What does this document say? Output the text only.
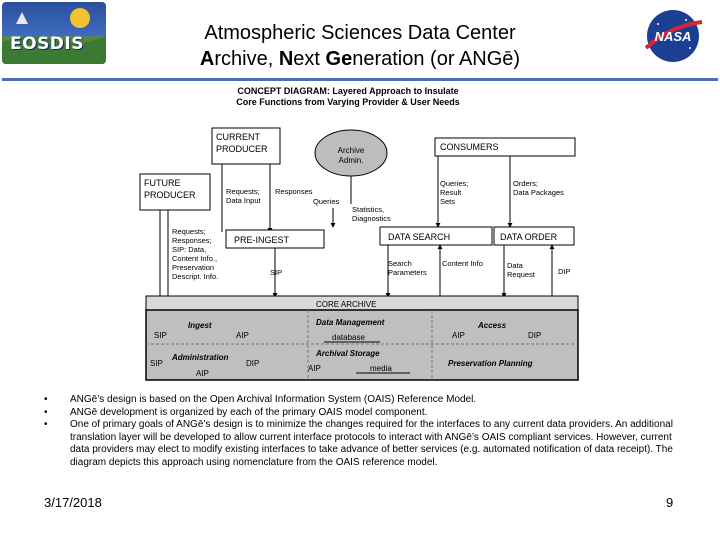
EOSDIS	Atmospheric Sciences Data Center
Archive, Next Generation (or ANGē)
NASA
CONCEPT DIAGRAM: Layered Approach to Insulate
Core Functions from Varying Provider & User Needs
CURRENT
PRODUCER
FUTURE
PRODUCER
Archive
Admin.
CONSUMERS
Requests;
Data Input
Responses
Queries
Statistics,
Diagnostics
Queries;
Result
Sets
Orders;
Data Packages
Requests;
Responses;
SIP: Data,
Content Info.,
Preservation
Descript. Info.
PRE-INGEST	DATA SEARCH	DATA ORDER
SIP
Search
Parameters
Content Info	Data
Request	DIP
CORE ARCHIVE
Ingest
SIP	AIP
Data Management
database
Access
AIP	DIP
Administration
SIP	DIP
AIP
Archival Storage
AIP	media
Preservation Planning

• ANGē’s design is based on the Open Archival Information System (OAIS) Reference Model.

• ANGē development is organized by each of the primary OAIS model component.

• One of primary goals of ANGē’s design is to minimize the changes required for the interfaces to any current data providers. An additional translation layer will be developed to allow current interface protocols to interact with ANGē’s OAIS compliant services. However, current data providers may elect to modify existing interfaces to take advance of better services (e.g. automated notification of data receipt). The diagram depicts this approach using nomenclature from the OAIS reference model.

3/17/2018	9
